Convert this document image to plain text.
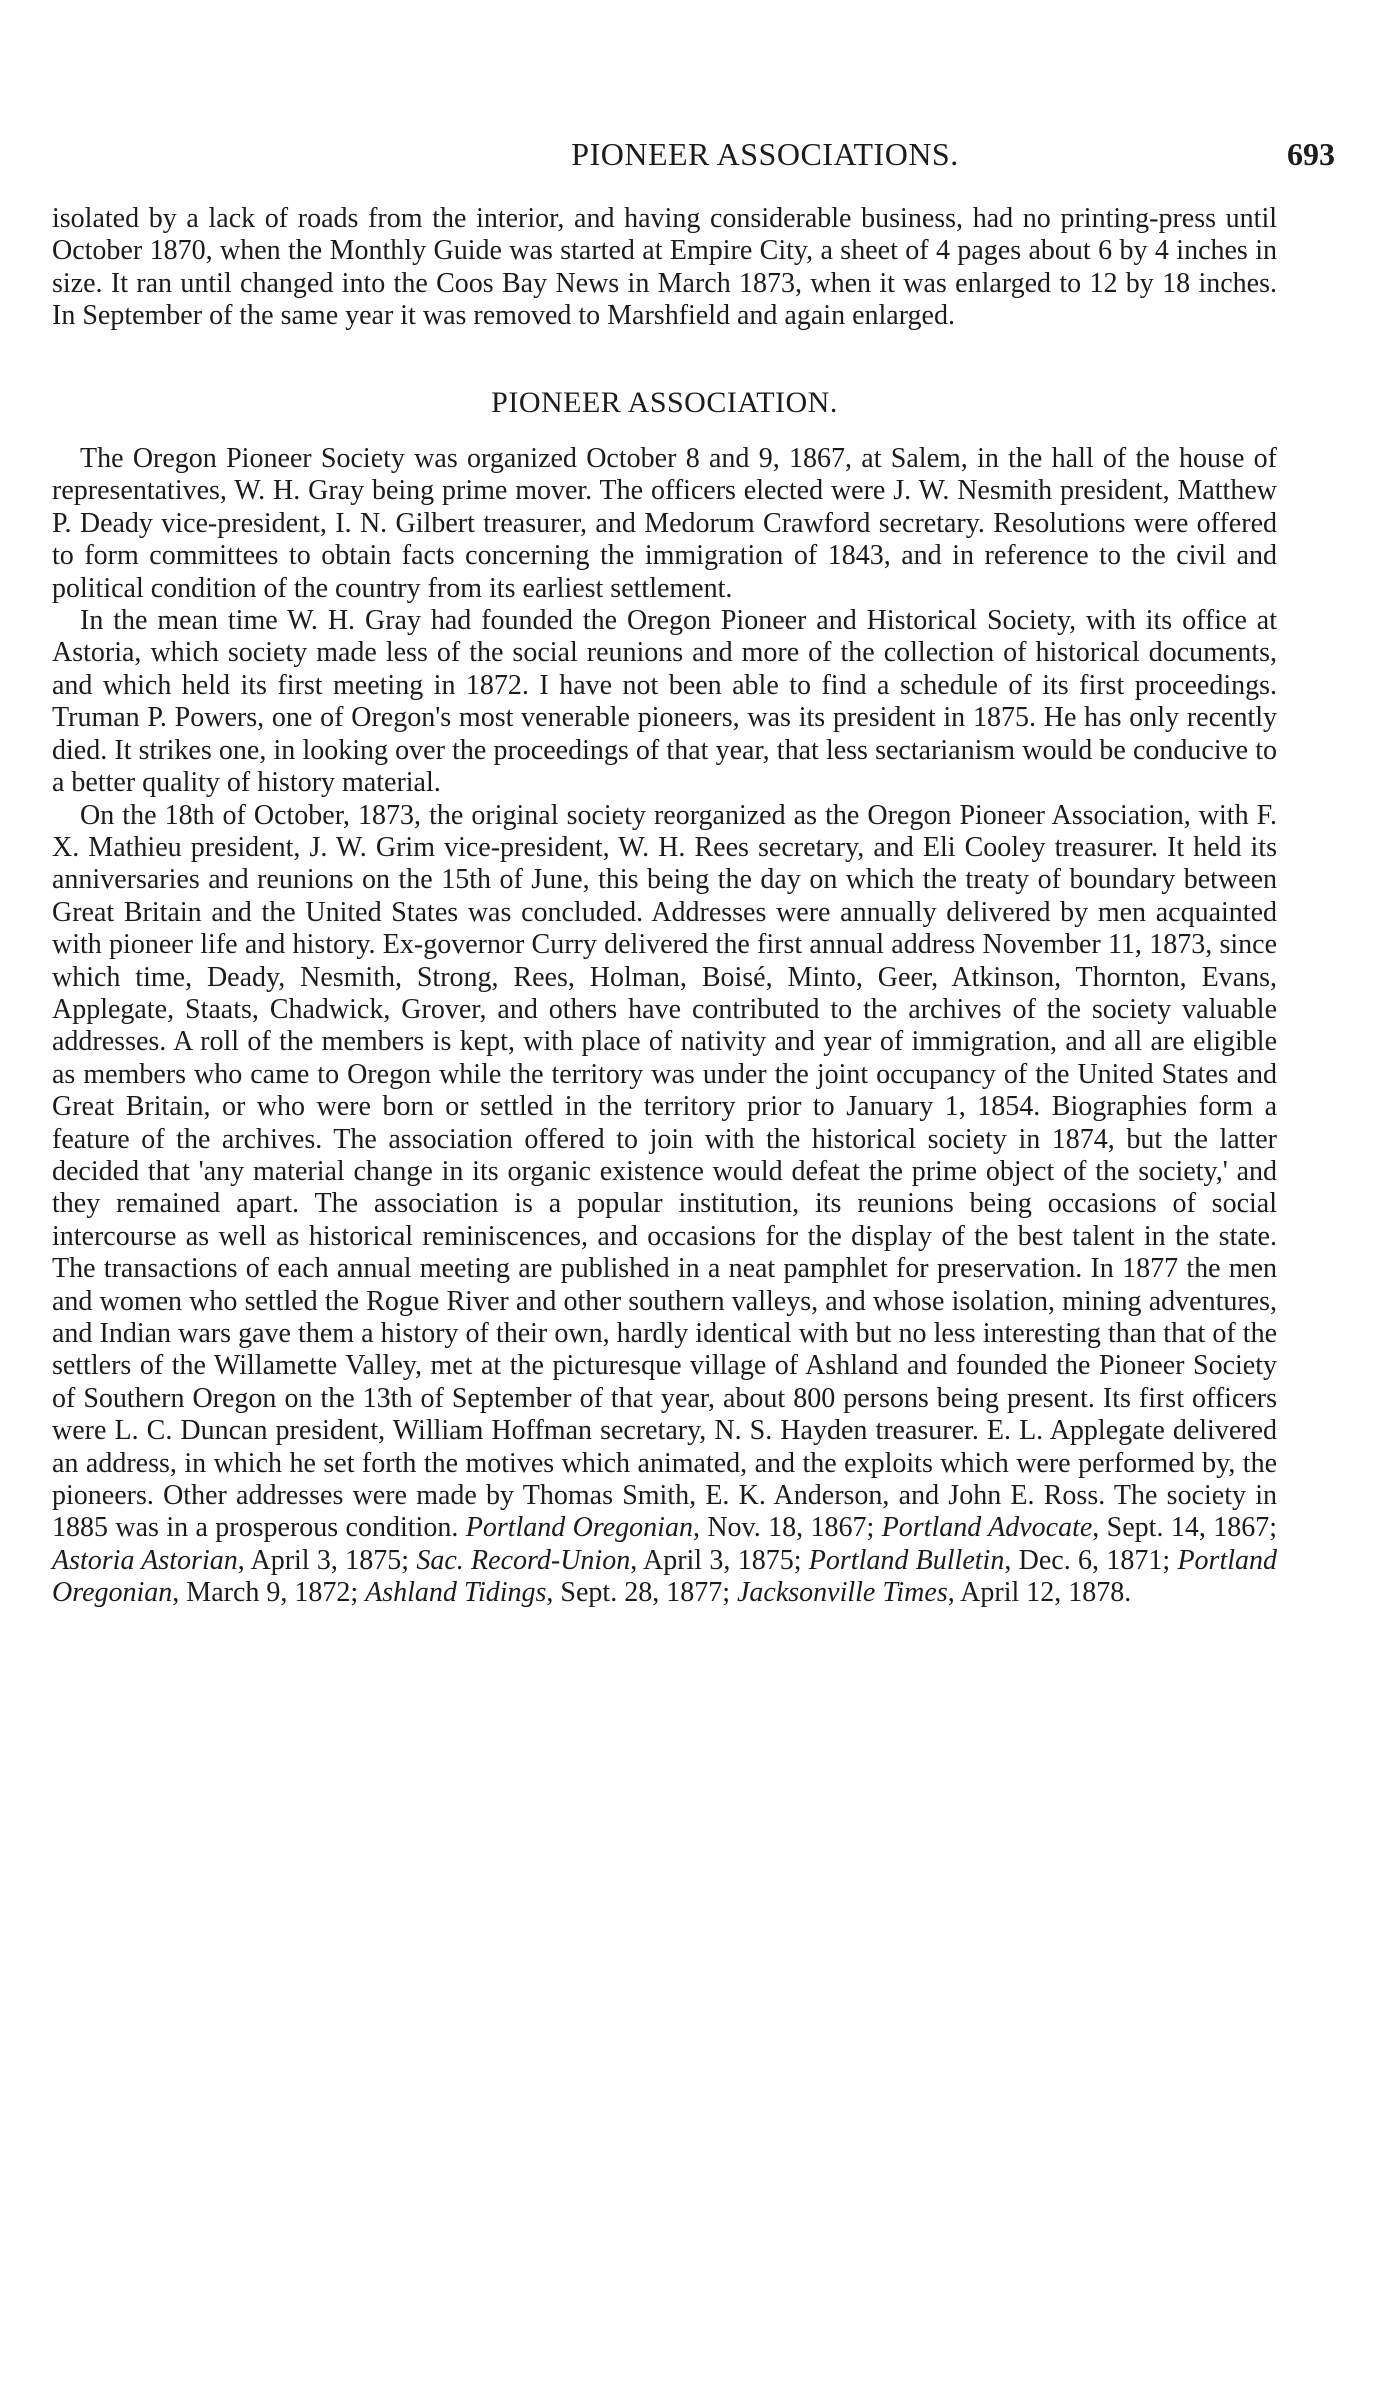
PIONEER ASSOCIATIONS.	693

isolated by a lack of roads from the interior, and having considerable business, had no printing-press until October 1870, when the Monthly Guide was started at Empire City, a sheet of 4 pages about 6 by 4 inches in size. It ran until changed into the Coos Bay News in March 1873, when it was enlarged to 12 by 18 inches. In September of the same year it was removed to Marshfield and again enlarged.

PIONEER ASSOCIATION.

The Oregon Pioneer Society was organized October 8 and 9, 1867, at Salem, in the hall of the house of representatives, W. H. Gray being prime mover. The officers elected were J. W. Nesmith president, Matthew P. Deady vice-president, I. N. Gilbert treasurer, and Medorum Crawford secretary. Resolutions were offered to form committees to obtain facts concerning the immigration of 1843, and in reference to the civil and political condition of the country from its earliest settlement.

In the mean time W. H. Gray had founded the Oregon Pioneer and Historical Society, with its office at Astoria, which society made less of the social reunions and more of the collection of historical documents, and which held its first meeting in 1872. I have not been able to find a schedule of its first proceedings. Truman P. Powers, one of Oregon's most venerable pioneers, was its president in 1875. He has only recently died. It strikes one, in looking over the proceedings of that year, that less sectarianism would be conducive to a better quality of history material.

On the 18th of October, 1873, the original society reorganized as the Oregon Pioneer Association, with F. X. Mathieu president, J. W. Grim vice-president, W. H. Rees secretary, and Eli Cooley treasurer. It held its anniversaries and reunions on the 15th of June, this being the day on which the treaty of boundary between Great Britain and the United States was concluded. Addresses were annually delivered by men acquainted with pioneer life and history. Ex-governor Curry delivered the first annual address November 11, 1873, since which time, Deady, Nesmith, Strong, Rees, Holman, Boisé, Minto, Geer, Atkinson, Thornton, Evans, Applegate, Staats, Chadwick, Grover, and others have contributed to the archives of the society valuable addresses. A roll of the members is kept, with place of nativity and year of immigration, and all are eligible as members who came to Oregon while the territory was under the joint occupancy of the United States and Great Britain, or who were born or settled in the territory prior to January 1, 1854. Biographies form a feature of the archives. The association offered to join with the historical society in 1874, but the latter decided that 'any material change in its organic existence would defeat the prime object of the society,' and they remained apart. The association is a popular institution, its reunions being occasions of social intercourse as well as historical reminiscences, and occasions for the display of the best talent in the state. The transactions of each annual meeting are published in a neat pamphlet for preservation. In 1877 the men and women who settled the Rogue River and other southern valleys, and whose isolation, mining adventures, and Indian wars gave them a history of their own, hardly identical with but no less interesting than that of the settlers of the Willamette Valley, met at the picturesque village of Ashland and founded the Pioneer Society of Southern Oregon on the 13th of September of that year, about 800 persons being present. Its first officers were L. C. Duncan president, William Hoffman secretary, N. S. Hayden treasurer. E. L. Applegate delivered an address, in which he set forth the motives which animated, and the exploits which were performed by, the pioneers. Other addresses were made by Thomas Smith, E. K. Anderson, and John E. Ross. The society in 1885 was in a prosperous condition. Portland Oregonian, Nov. 18, 1867; Portland Advocate, Sept. 14, 1867; Astoria Astorian, April 3, 1875; Sac. Record-Union, April 3, 1875; Portland Bulletin, Dec. 6, 1871; Portland Oregonian, March 9, 1872; Ashland Tidings, Sept. 28, 1877; Jacksonville Times, April 12, 1878.
